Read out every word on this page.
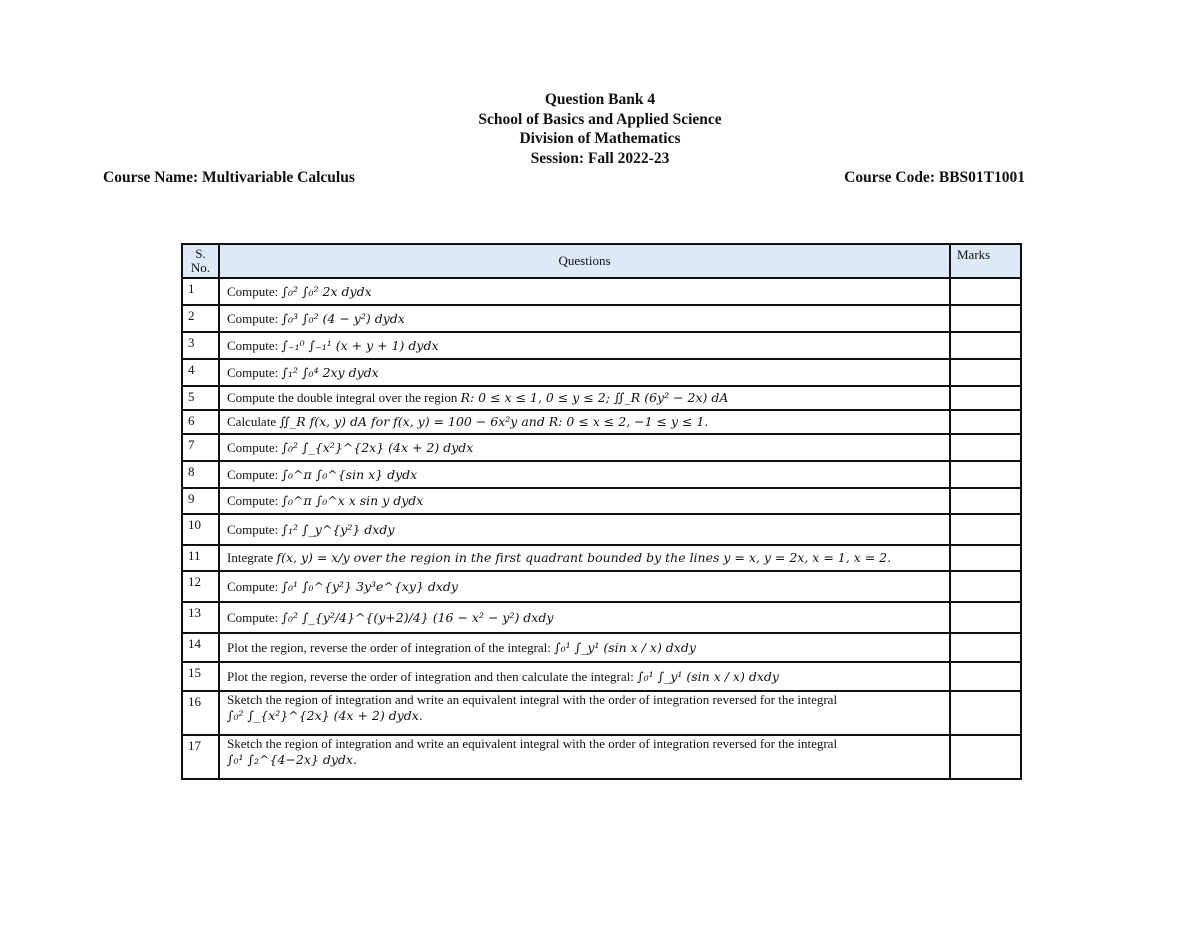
Question Bank 4
School of Basics and Applied Science
Division of Mathematics
Session: Fall 2022-23
Course Name: Multivariable Calculus	Course Code: BBS01T1001
S. No.	Questions	Marks
1	Compute: ∫₀² ∫₀² 2x dydx	
2	Compute: ∫₀³ ∫₀² (4 − y²) dydx	
3	Compute: ∫₋₁⁰ ∫₋₁¹ (x + y + 1) dydx	
4	Compute: ∫₁² ∫₀⁴ 2xy dydx	
5	Compute the double integral over the region R: 0 ≤ x ≤ 1, 0 ≤ y ≤ 2; ∬_R (6y² − 2x) dA	
6	Calculate ∬_R f(x, y) dA for f(x, y) = 100 − 6x²y and R: 0 ≤ x ≤ 2, −1 ≤ y ≤ 1.	
7	Compute: ∫₀² ∫_{x²}^{2x} (4x + 2) dydx	
8	Compute: ∫₀^π ∫₀^{sin x} dydx	
9	Compute: ∫₀^π ∫₀^x x sin y dydx	
10	Compute: ∫₁² ∫_y^{y²} dxdy	
11	Integrate f(x, y) = x/y over the region in the first quadrant bounded by the lines y = x, y = 2x, x = 1, x = 2.	
12	Compute: ∫₀¹ ∫₀^{y²} 3y³e^{xy} dxdy	
13	Compute: ∫₀² ∫_{y²/4}^{(y+2)/4} (16 − x² − y²) dxdy	
14	Plot the region, reverse the order of integration of the integral: ∫₀¹ ∫_y¹ (sin x / x) dxdy	
15	Plot the region, reverse the order of integration and then calculate the integral: ∫₀¹ ∫_y¹ (sin x / x) dxdy	
16	Sketch the region of integration and write an equivalent integral with the order of integration reversed for the integral
∫₀² ∫_{x²}^{2x} (4x + 2) dydx.	

17	Sketch the region of integration and write an equivalent integral with the order of integration reversed for the integral
∫₀¹ ∫₂^{4−2x} dydx.	
